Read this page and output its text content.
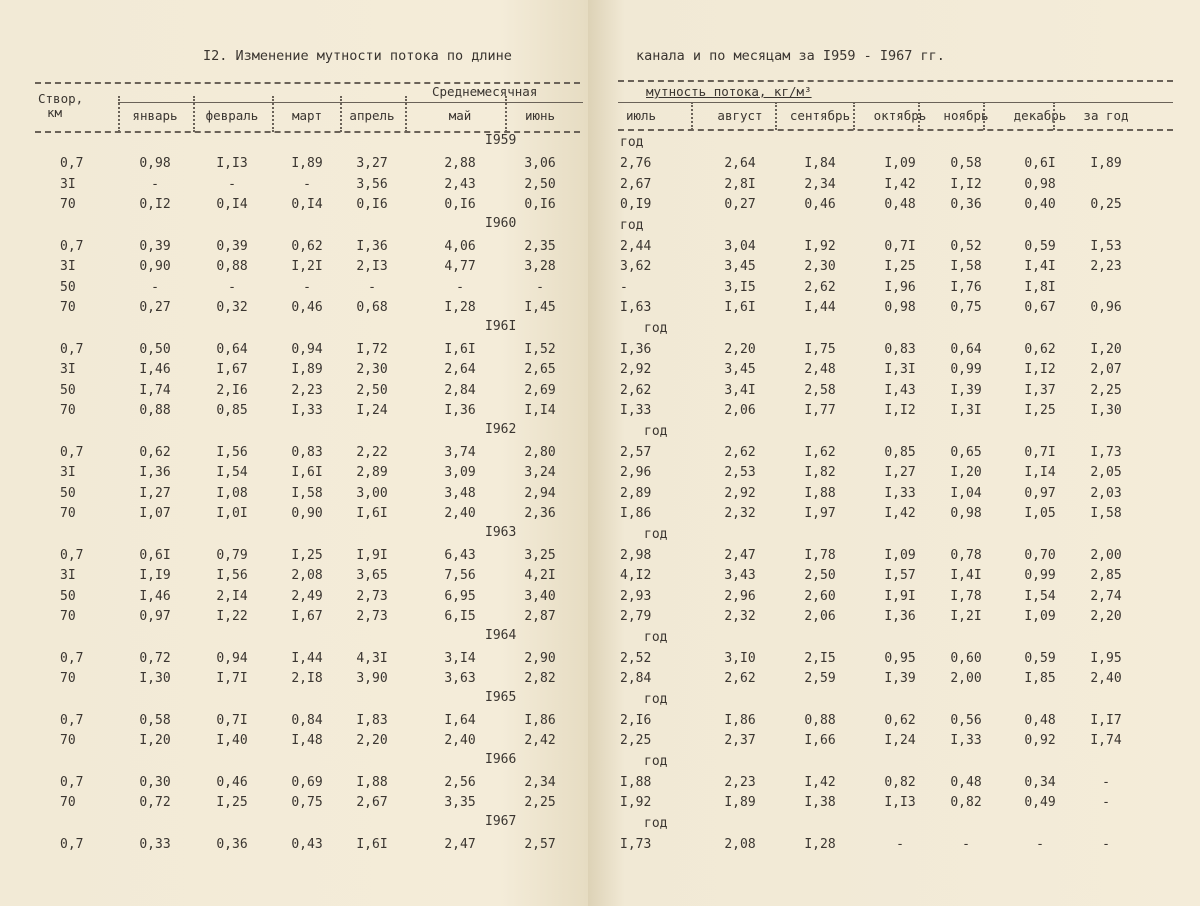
I2. Изменение мутности потока по длине
Створ,
км
Среднемесячная
январь февраль	март апрель	май	июнь
I959
0,7	0,98	I,I3	I,89	3,27	2,88	3,06
3I	-	-	-	3,56	2,43	2,50
70	0,I2	0,I4	0,I4	0,I6	0,I6	0,I6
I960
0,7	0,39	0,39	0,62	I,36	4,06	2,35
3I	0,90	0,88	I,2I	2,I3	4,77	3,28
50	-	-	-	-	-	-
70	0,27	0,32	0,46	0,68	I,28	I,45
I96I
0,7	0,50	0,64	0,94	I,72	I,6I	I,52
3I	I,46	I,67	I,89	2,30	2,64	2,65
50	I,74	2,I6	2,23	2,50	2,84	2,69
70	0,88	0,85	I,33	I,24	I,36	I,I4
I962
0,7	0,62	I,56	0,83	2,22	3,74	2,80
3I	I,36	I,54	I,6I	2,89	3,09	3,24
50	I,27	I,08	I,58	3,00	3,48	2,94
70	I,07	I,0I	0,90	I,6I	2,40	2,36
I963
0,7	0,6I	0,79	I,25	I,9I	6,43	3,25
3I	I,I9	I,56	2,08	3,65	7,56	4,2I
50	I,46	2,I4	2,49	2,73	6,95	3,40
70	0,97	I,22	I,67	2,73	6,I5	2,87
I964
0,7	0,72	0,94	I,44	4,3I	3,I4	2,90
70	I,30	I,7I	2,I8	3,90	3,63	2,82
I965
0,7	0,58	0,7I	0,84	I,83	I,64	I,86
70	I,20	I,40	I,48	2,20	2,40	2,42
I966
0,7	0,30	0,46	0,69	I,88	2,56	2,34
70	0,72	I,25	0,75	2,67	3,35	2,25
I967
0,7	0,33	0,36	0,43	I,6I	2,47	2,57
канала и по месяцам за I959 - I967 гг.
мутность потока, кг/м³
июль	август сентябрь октябрь ноябрь декабрь за год
год
2,76	2,64	I,84	I,09	0,58	0,6I	I,89
2,67	2,8I	2,34	I,42	I,I2	0,98
0,I9	0,27	0,46	0,48	0,36	0,40	0,25
год
2,44	3,04	I,92	0,7I	0,52	0,59	I,53
3,62	3,45	2,30	I,25	I,58	I,4I	2,23
-	3,I5	2,62	I,96	I,76	I,8I
I,63	I,6I	I,44	0,98	0,75	0,67	0,96
год
I,36	2,20	I,75	0,83	0,64	0,62	I,20
2,92	3,45	2,48	I,3I	0,99	I,I2	2,07
2,62	3,4I	2,58	I,43	I,39	I,37	2,25
I,33	2,06	I,77	I,I2	I,3I	I,25	I,30
год
2,57	2,62	I,62	0,85	0,65	0,7I	I,73
2,96	2,53	I,82	I,27	I,20	I,I4	2,05
2,89	2,92	I,88	I,33	I,04	0,97	2,03
I,86	2,32	I,97	I,42	0,98	I,05	I,58
год
2,98	2,47	I,78	I,09	0,78	0,70	2,00
4,I2	3,43	2,50	I,57	I,4I	0,99	2,85
2,93	2,96	2,60	I,9I	I,78	I,54	2,74
2,79	2,32	2,06	I,36	I,2I	I,09	2,20
год
2,52	3,I0	2,I5	0,95	0,60	0,59	I,95
2,84	2,62	2,59	I,39	2,00	I,85	2,40
год
2,I6	I,86	0,88	0,62	0,56	0,48	I,I7
2,25	2,37	I,66	I,24	I,33	0,92	I,74
год
I,88	2,23	I,42	0,82	0,48	0,34	-
I,92	I,89	I,38	I,I3	0,82	0,49	-
год
I,73	2,08	I,28	-	-	-	-
